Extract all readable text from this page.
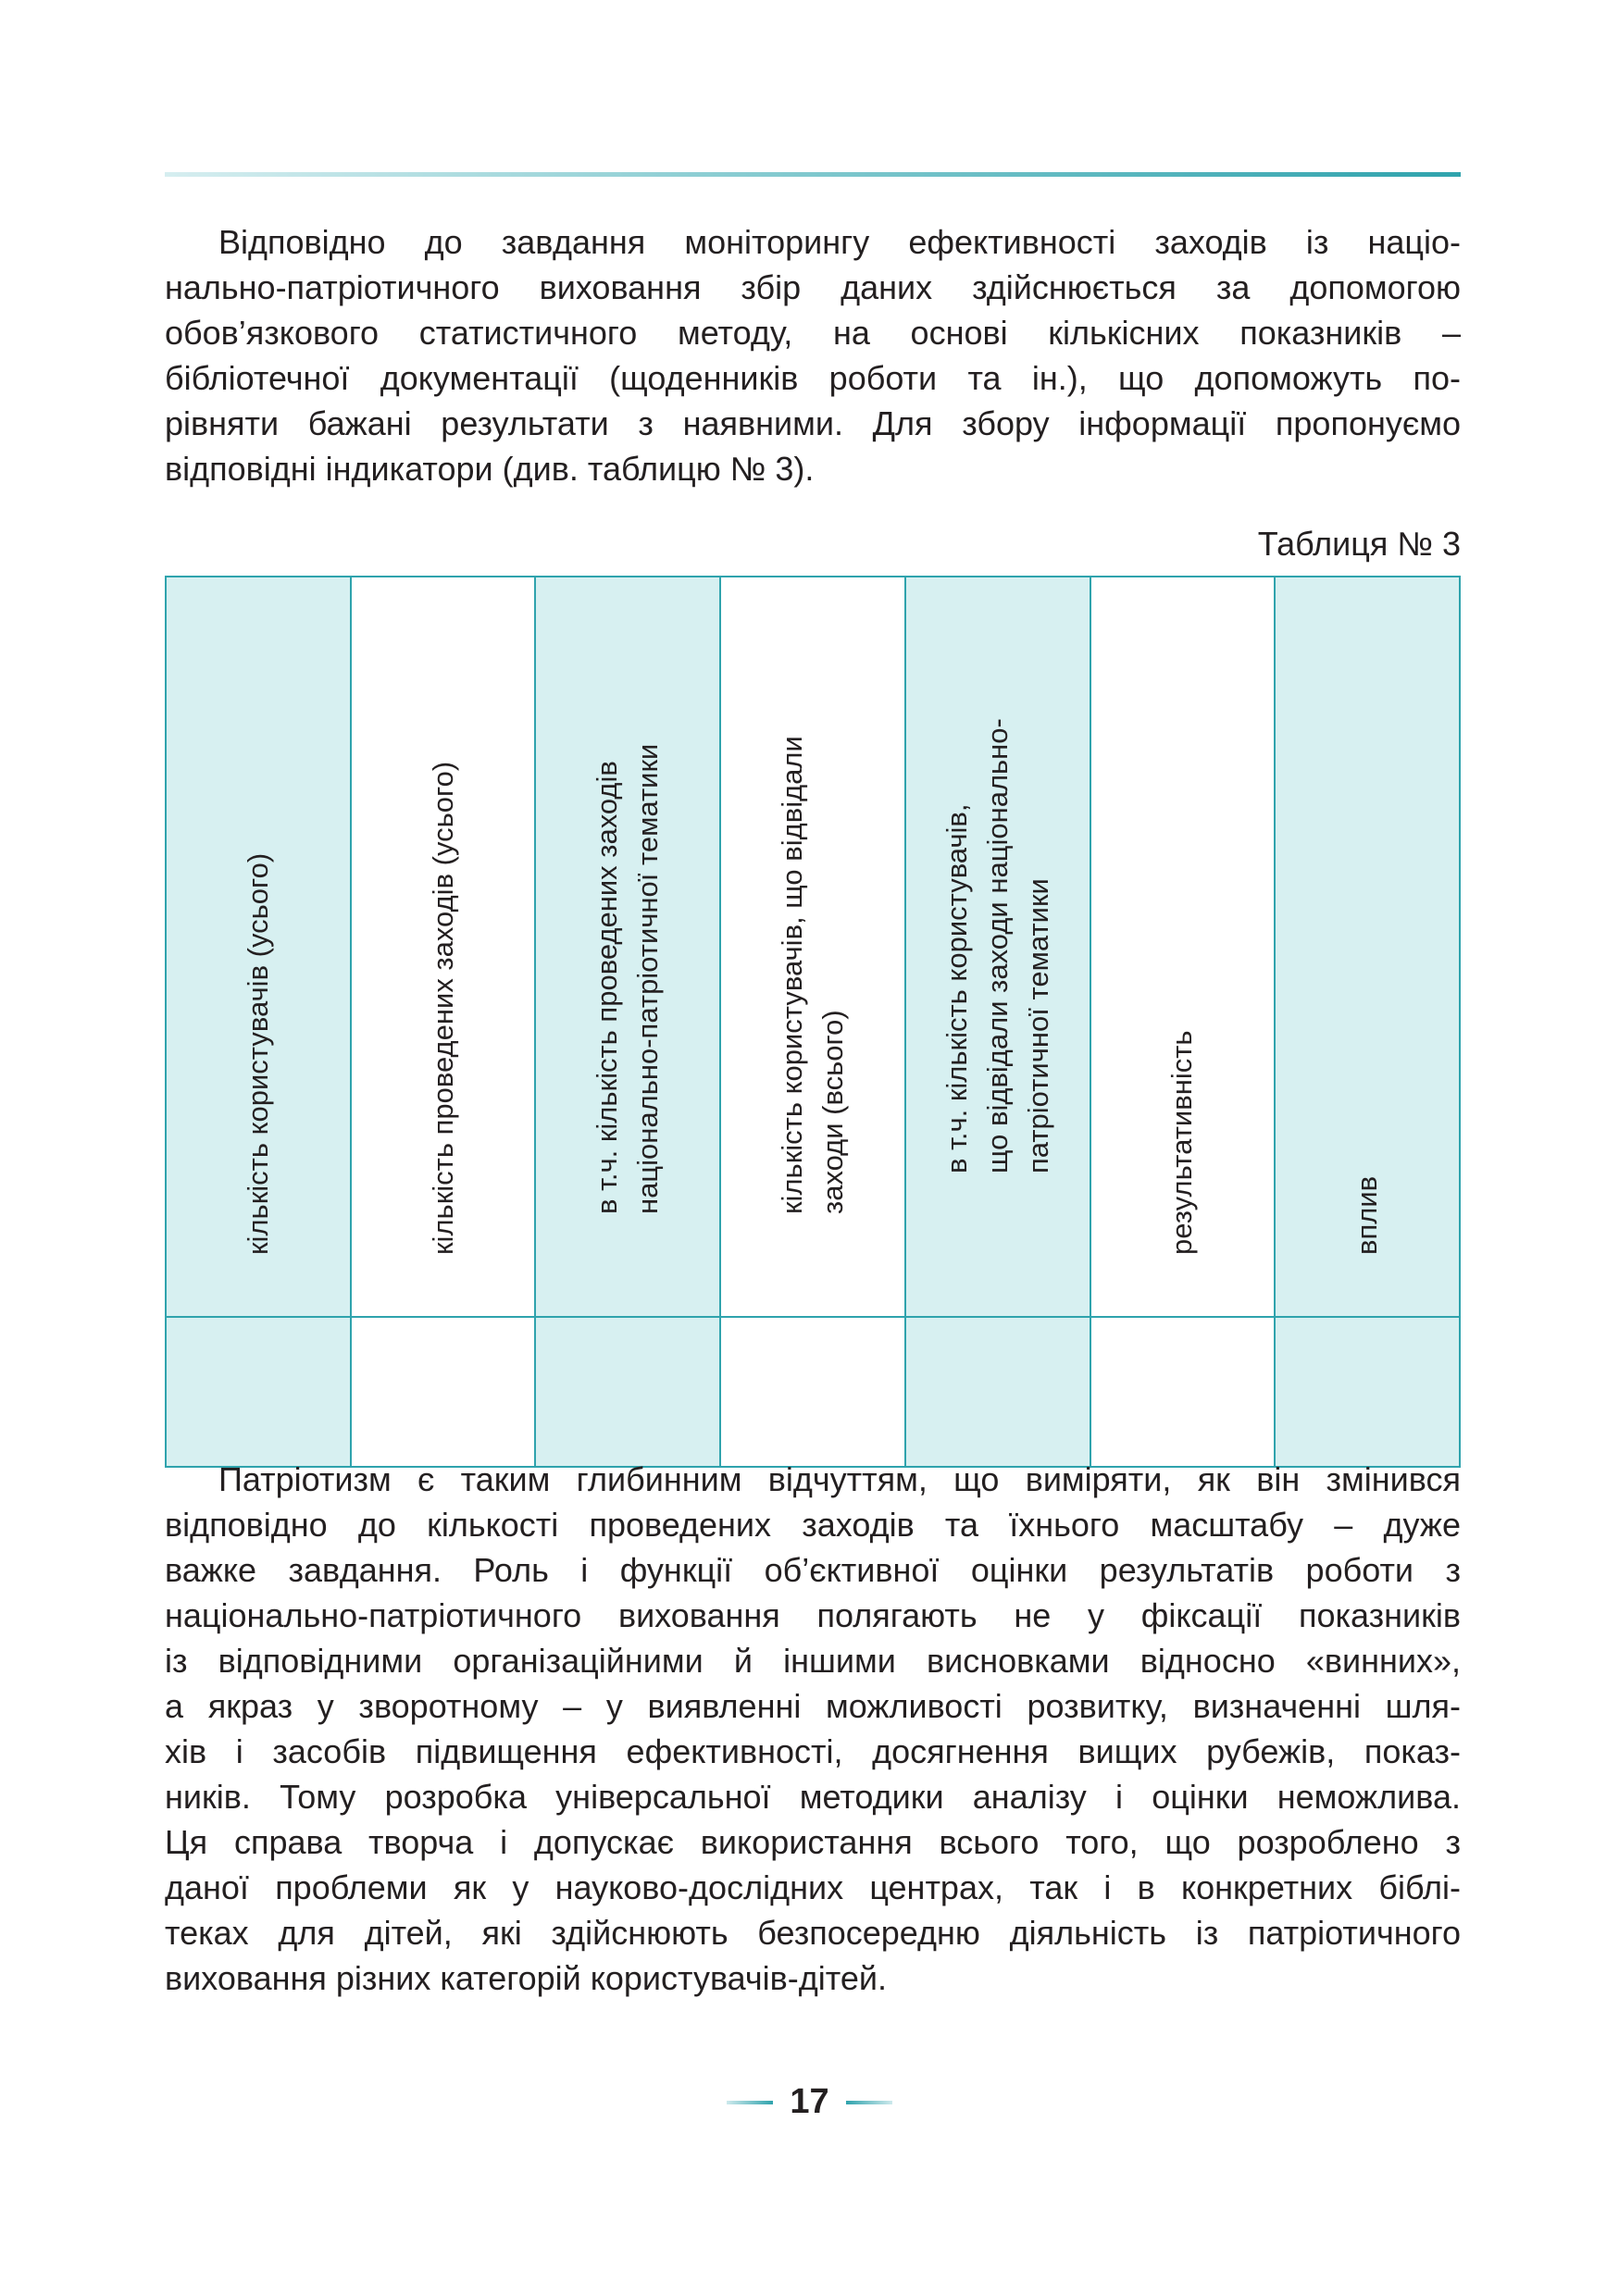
Відповідно до завдання моніторингу ефективності заходів із націо-
нально-патріотичного виховання збір даних здійснюється за допомогою
обов’язкового статистичного методу, на основі кількісних показників –
бібліотечної документації (щоденників роботи та ін.), що допоможуть по-
рівняти бажані результати з наявними. Для збору інформації пропонуємо
відповідні індикатори (див. таблицю № 3).

Таблиця № 3

кількість користувачів (усього)	кількість проведених заходів (усього)	в т.ч. кількість проведених заходів національно-патріотичної тематики	кількість користувачів, що відвідали заходи (всього)	в т.ч. кількість користувачів, що відвідали заходи національно- патріотичної тематики	результативність	вплив

Патріотизм є таким глибинним відчуттям, що виміряти, як він змінився
відповідно до кількості проведених заходів та їхнього масштабу – дуже
важке завдання. Роль і функції об’єктивної оцінки результатів роботи з
національно-патріотичного виховання полягають не у фіксації показників
із відповідними організаційними й іншими висновками відносно «винних»,
а якраз у зворотному – у виявленні можливості розвитку, визначенні шля-
хів і засобів підвищення ефективності, досягнення вищих рубежів, показ-
ників. Тому розробка універсальної методики аналізу і оцінки неможлива.
Ця справа творча і допускає використання всього того, що розроблено з
даної проблеми як у науково-дослідних центрах, так і в конкретних біблі-
теках для дітей, які здійснюють безпосередню діяльність із патріотичного
виховання різних категорій користувачів-дітей.
17
